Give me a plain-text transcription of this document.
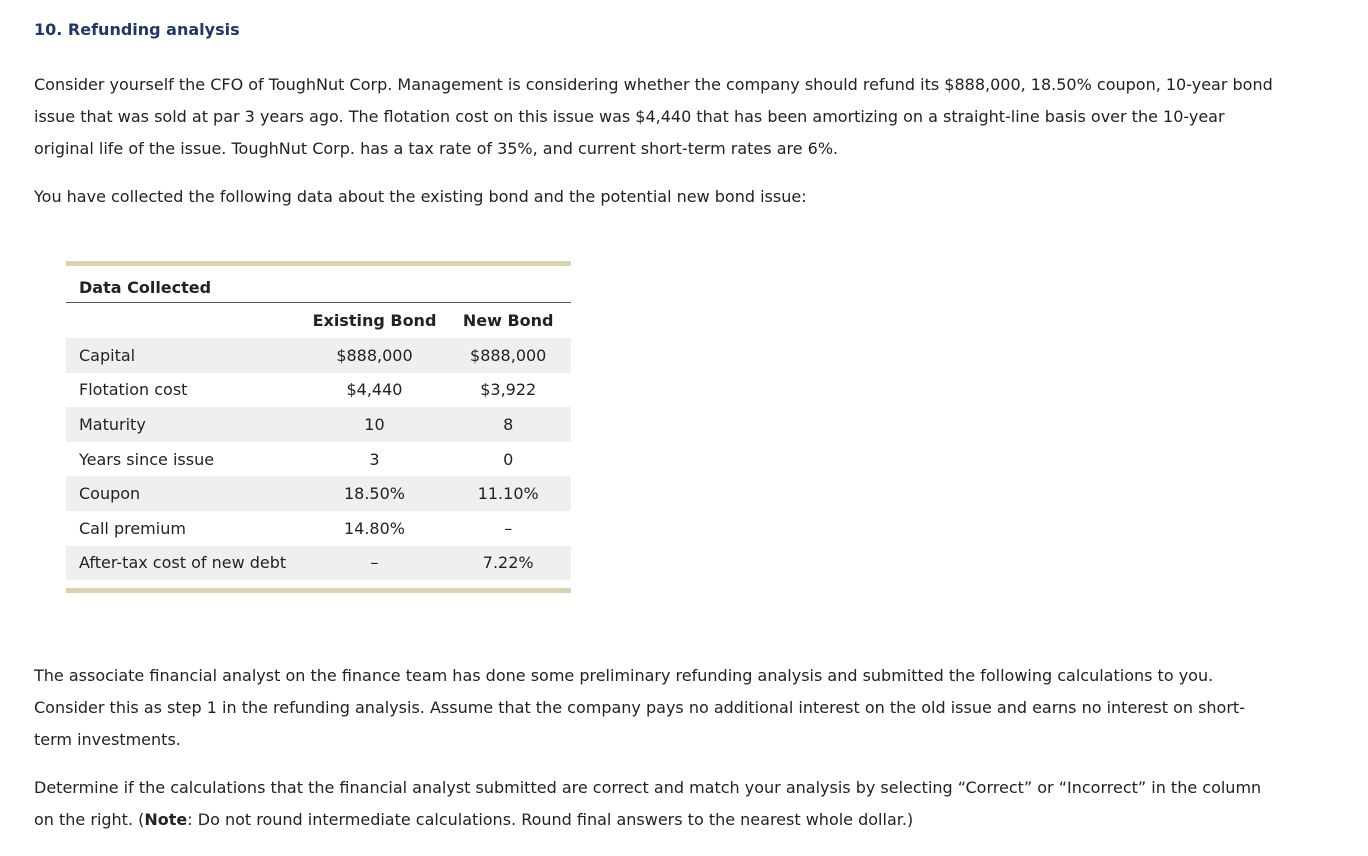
10. Refunding analysis

Consider yourself the CFO of ToughNut Corp. Management is considering whether the company should refund its $888,000, 18.50% coupon, 10-year bond issue that was sold at par 3 years ago. The flotation cost on this issue was $4,440 that has been amortizing on a straight-line basis over the 10-year original life of the issue. ToughNut Corp. has a tax rate of 35%, and current short-term rates are 6%.

You have collected the following data about the existing bond and the potential new bond issue:

Data Collected		
	Existing Bond	New Bond
Capital	$888,000	$888,000
Flotation cost	$4,440	$3,922
Maturity	10	8
Years since issue	3	0
Coupon	18.50%	11.10%
Call premium	14.80%	–
After-tax cost of new debt	–	7.22%

The associate financial analyst on the finance team has done some preliminary refunding analysis and submitted the following calculations to you. Consider this as step 1 in the refunding analysis. Assume that the company pays no additional interest on the old issue and earns no interest on short-term investments.

Determine if the calculations that the financial analyst submitted are correct and match your analysis by selecting “Correct” or “Incorrect” in the column on the right. (Note: Do not round intermediate calculations. Round final answers to the nearest whole dollar.)
